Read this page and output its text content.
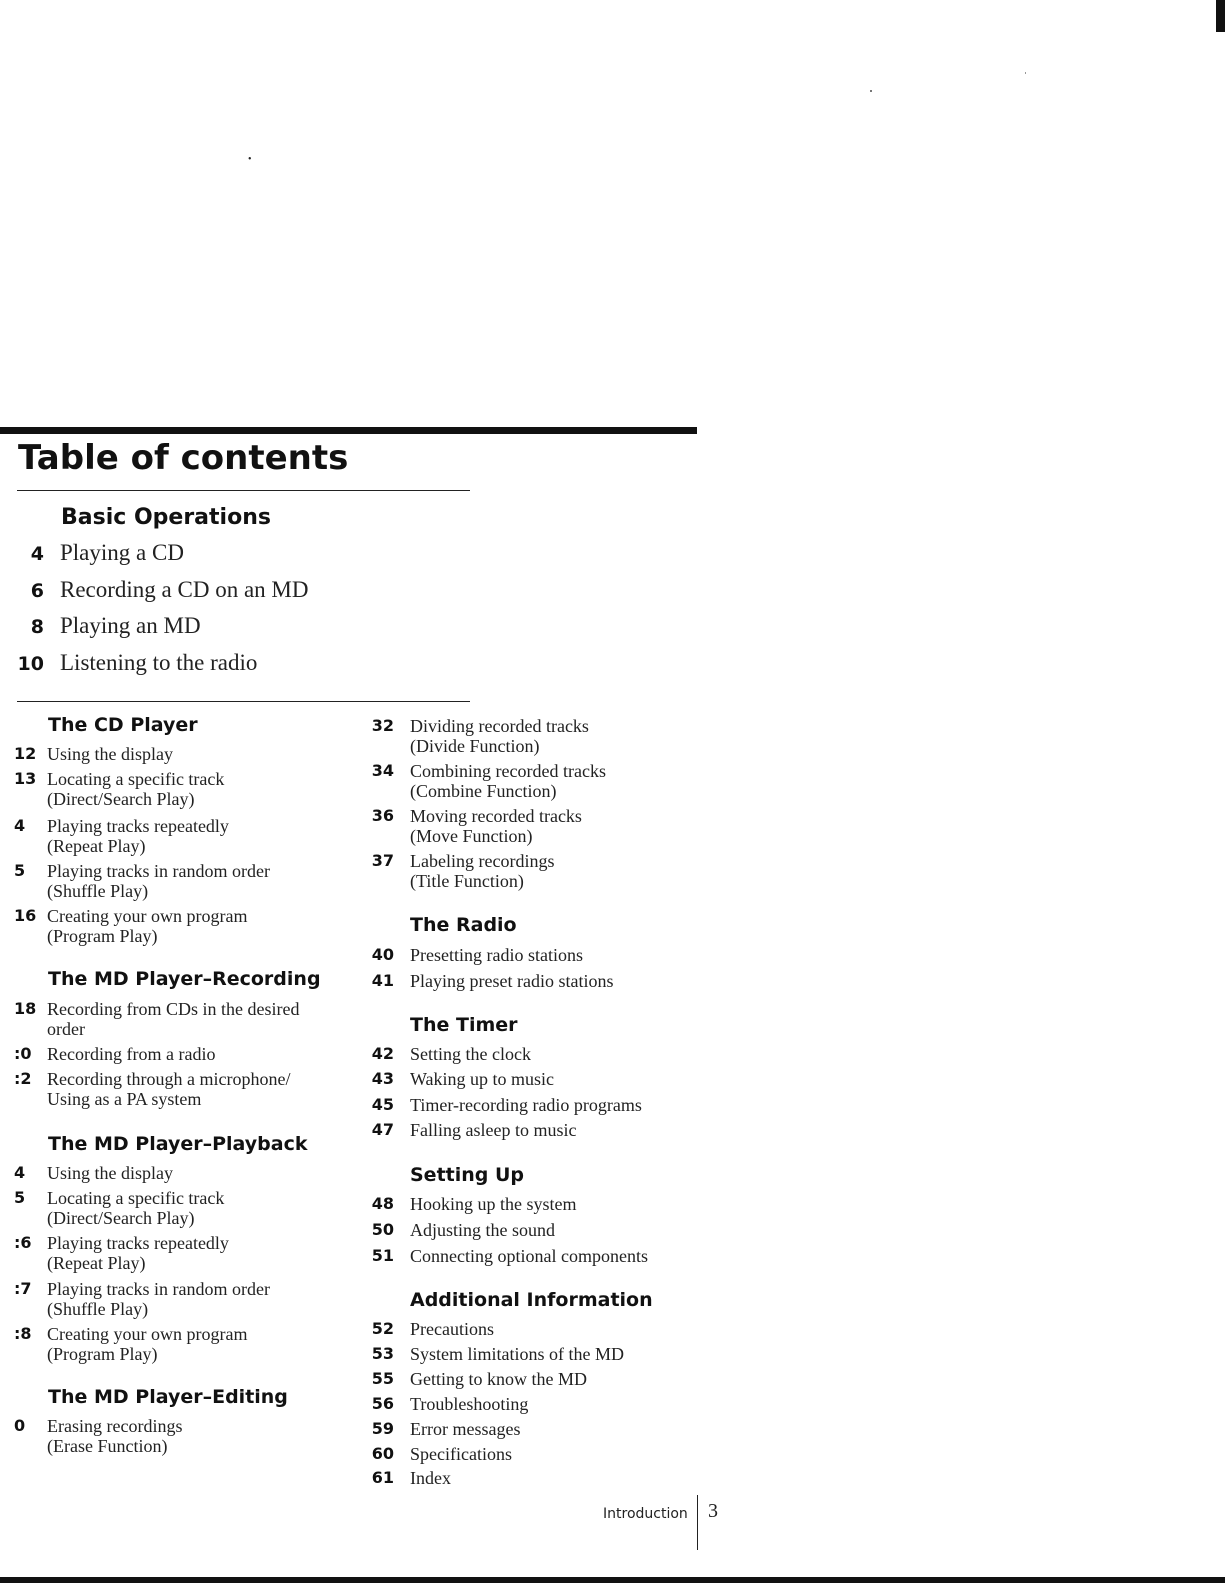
•
Table of contents
Basic Operations
4 Playing a CD
6 Recording a CD on an MD
8 Playing an MD
10 Listening to the radio
The CD Player
12 Using the display
13 Locating a specific track
(Direct/Search Play)
4 Playing tracks repeatedly
(Repeat Play)
5 Playing tracks in random order
(Shuffle Play)
16 Creating your own program
(Program Play)
The MD Player–Recording
18 Recording from CDs in the desired
order
:0 Recording from a radio
:2 Recording through a microphone/
Using as a PA system
The MD Player–Playback
4 Using the display
5 Locating a specific track
(Direct/Search Play)
:6 Playing tracks repeatedly
(Repeat Play)
:7 Playing tracks in random order
(Shuffle Play)
:8 Creating your own program
(Program Play)
The MD Player–Editing
0 Erasing recordings
(Erase Function)
32 Dividing recorded tracks
(Divide Function)
34 Combining recorded tracks
(Combine Function)
36 Moving recorded tracks
(Move Function)
37 Labeling recordings
(Title Function)
The Radio
40 Presetting radio stations
41 Playing preset radio stations
The Timer
42 Setting the clock
43 Waking up to music
45 Timer-recording radio programs
47 Falling asleep to music
Setting Up
48 Hooking up the system
50 Adjusting the sound
51 Connecting optional components
Additional Information
52 Precautions
53 System limitations of the MD
55 Getting to know the MD
56 Troubleshooting
59 Error messages
60 Specifications
61 Index
Introduction 3
